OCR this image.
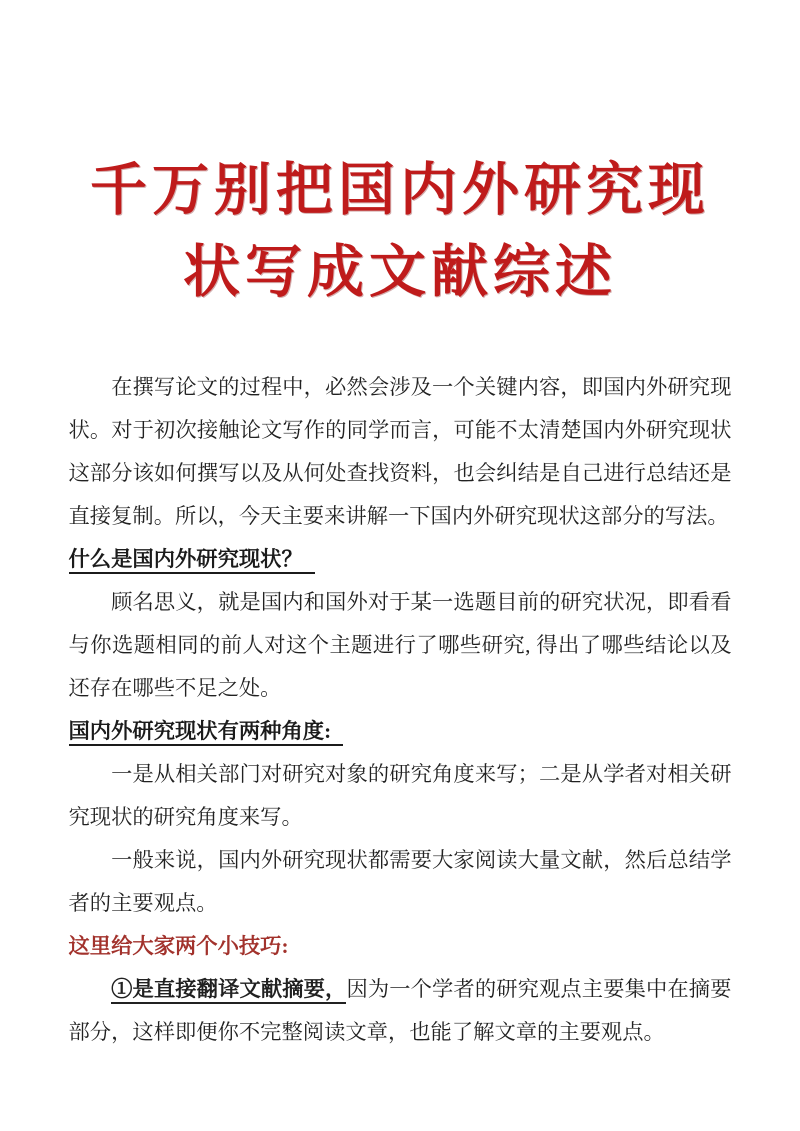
千万别把国内外研究现
状写成文献综述

在撰写论文的过程中，必然会涉及一个关键内容，即国内外研究现状。对于初次接触论文写作的同学而言，可能不太清楚国内外研究现状这部分该如何撰写以及从何处查找资料，也会纠结是自己进行总结还是直接复制。所以，今天主要来讲解一下国内外研究现状这部分的写法。

什么是国内外研究现状？

顾名思义，就是国内和国外对于某一选题目前的研究状况，即看看与你选题相同的前人对这个主题进行了哪些研究, 得出了哪些结论以及还存在哪些不足之处。

国内外研究现状有两种角度:

一是从相关部门对研究对象的研究角度来写；二是从学者对相关研究现状的研究角度来写。

一般来说，国内外研究现状都需要大家阅读大量文献，然后总结学者的主要观点。

这里给大家两个小技巧:

①是直接翻译文献摘要，因为一个学者的研究观点主要集中在摘要部分，这样即便你不完整阅读文章，也能了解文章的主要观点。
